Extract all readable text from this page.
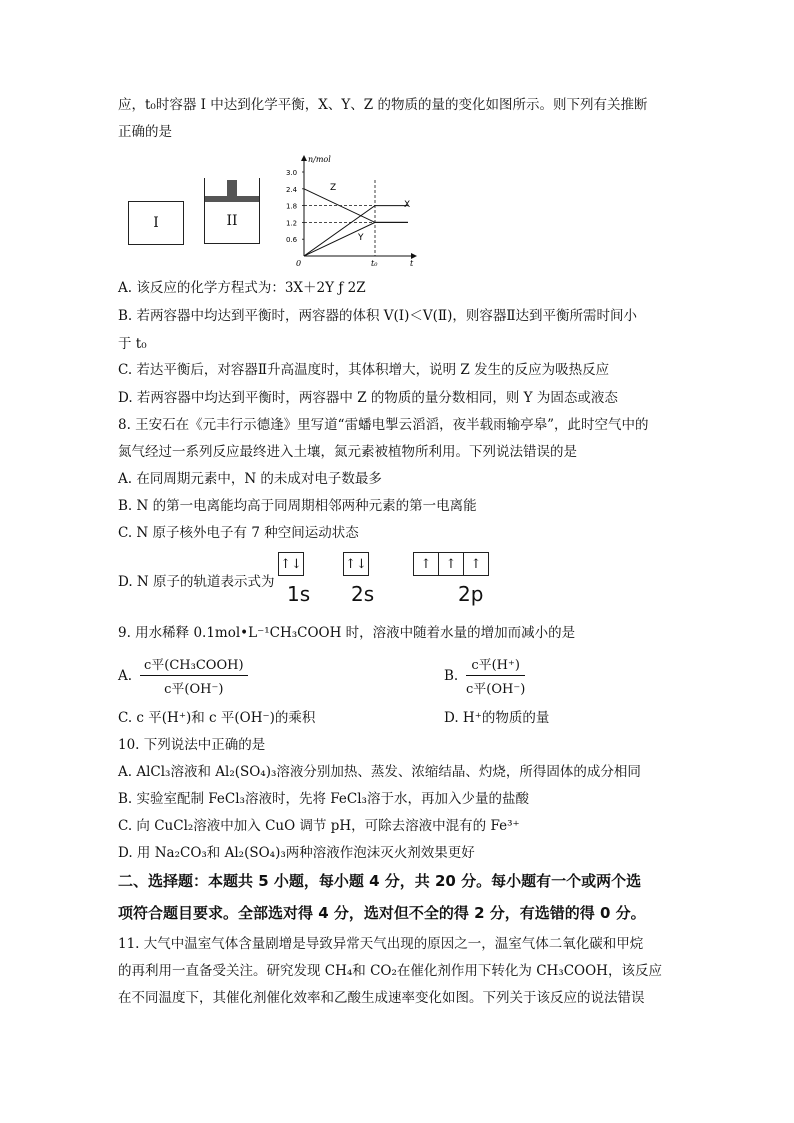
应，t₀时容器 I 中达到化学平衡，X、Y、Z 的物质的量的变化如图所示。则下列有关推断
正确的是
I	II
n/mol
0.6
1.2
1.8
2.4
3.0
0	t₀	t
Z
X
Y
A. 该反应的化学方程式为：3X＋2Y ƒ 2Z
B. 若两容器中均达到平衡时，两容器的体积 V(Ⅰ)＜V(Ⅱ)，则容器Ⅱ达到平衡所需时间小
于 t₀
C. 若达平衡后，对容器Ⅱ升高温度时，其体积增大，说明 Z 发生的反应为吸热反应
D. 若两容器中均达到平衡时，两容器中 Z 的物质的量分数相同，则 Y 为固态或液态
8. 王安石在《元丰行示德逢》里写道“雷蟠电掣云滔滔，夜半载雨输亭皋”，此时空气中的
氮气经过一系列反应最终进入土壤，氮元素被植物所利用。下列说法错误的是
A. 在同周期元素中，N 的未成对电子数最多
B. N 的第一电离能均高于同周期相邻两种元素的第一电离能
C. N 原子核外电子有 7 种空间运动状态
D. N 原子的轨道表示式为
↑↓	↑↓	↑	↑	↑
1s 2s	2p
9. 用水稀释 0.1mol•L⁻¹CH₃COOH 时，溶液中随着水量的增加而减小的是
A.
c平(CH₃COOH)
c平(OH⁻)
B.
c平(H⁺)
c平(OH⁻)
C. c 平(H⁺)和 c 平(OH⁻)的乘积	D. H⁺的物质的量
10. 下列说法中正确的是
A. AlCl₃溶液和 Al₂(SO₄)₃溶液分别加热、蒸发、浓缩结晶、灼烧，所得固体的成分相同
B. 实验室配制 FeCl₃溶液时，先将 FeCl₃溶于水，再加入少量的盐酸
C. 向 CuCl₂溶液中加入 CuO 调节 pH，可除去溶液中混有的 Fe³⁺
D. 用 Na₂CO₃和 Al₂(SO₄)₃两种溶液作泡沫灭火剂效果更好
二、选择题：本题共 5 小题，每小题 4 分，共 20 分。每小题有一个或两个选
项符合题目要求。全部选对得 4 分，选对但不全的得 2 分，有选错的得 0 分。
11. 大气中温室气体含量剧增是导致异常天气出现的原因之一，温室气体二氧化碳和甲烷
的再利用一直备受关注。研究发现 CH₄和 CO₂在催化剂作用下转化为 CH₃COOH，该反应
在不同温度下，其催化剂催化效率和乙酸生成速率变化如图。下列关于该反应的说法错误
